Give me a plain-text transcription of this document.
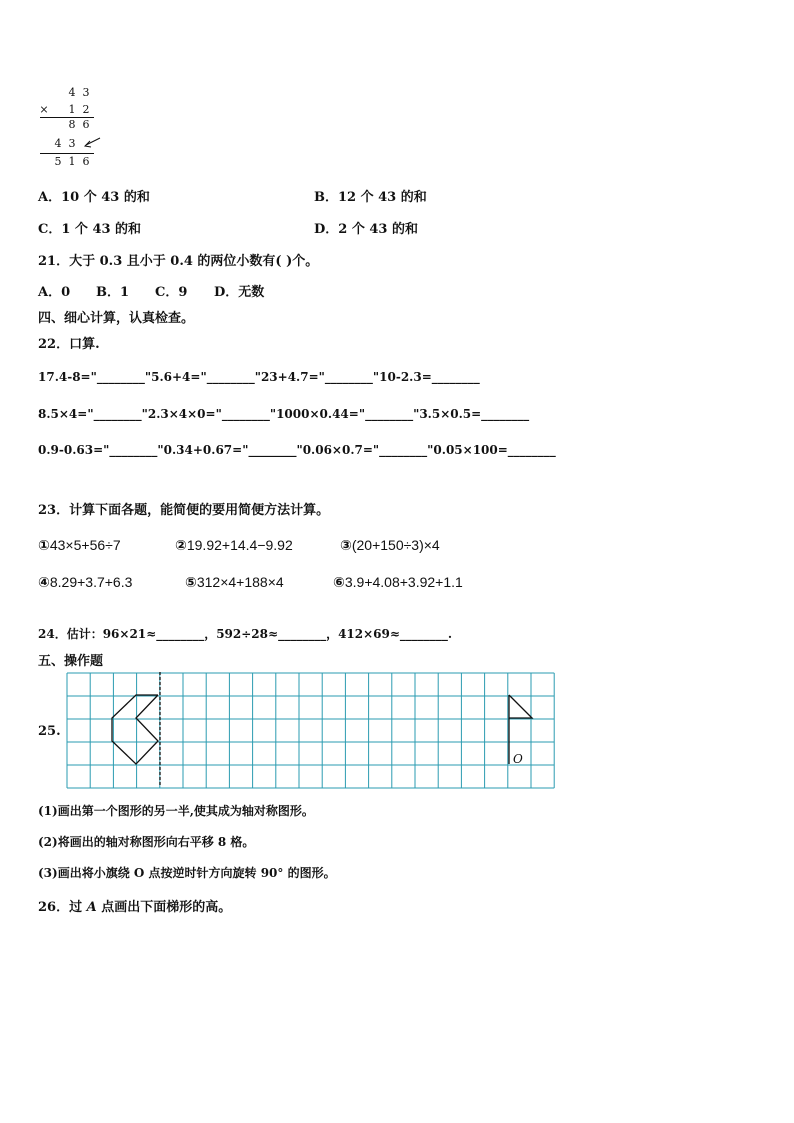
4 3
× 1 2
8 6
4 3
5 1 6
A．10 个 43 的和	B．12 个 43 的和
C．1 个 43 的和	D．2 个 43 的和
21．大于 0.3 且小于 0.4 的两位小数有( )个。
A．0 B．1 C．9 D．无数
四、细心计算，认真检查。
22．口算.
17.4-8="________"5.6+4="________"23+4.7="________"10-2.3=________
8.5×4="________"2.3×4×0="________"1000×0.44="________"3.5×0.5=________
0.9-0.63="________"0.34+0.67="________"0.06×0.7="________"0.05×100=________
23．计算下面各题，能简便的要用简便方法计算。
①43×5+56÷7	②19.92+14.4−9.92	③(20+150÷3)×4
④8.29+3.7+6.3	⑤312×4+188×4	⑥3.9+4.08+3.92+1.1
24．估计：96×21≈________，592÷28≈________，412×69≈________.
五、操作题
25.
O
(1)画出第一个图形的另一半,使其成为轴对称图形。
(2)将画出的轴对称图形向右平移 8 格。
(3)画出将小旗绕 O 点按逆时针方向旋转 90° 的图形。
26．过 A 点画出下面梯形的高。
